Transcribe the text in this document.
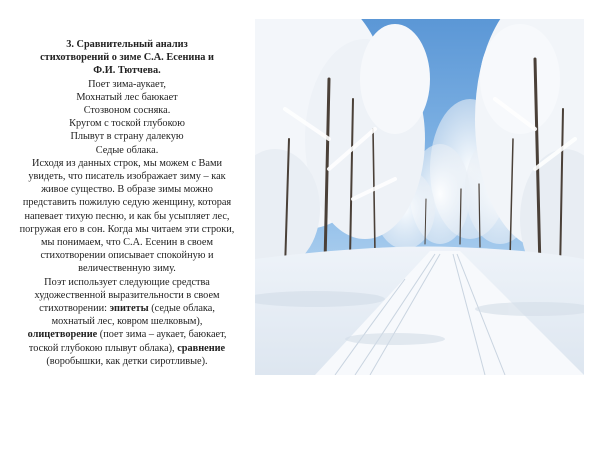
3. Сравнительный анализ
стихотворений о зиме С.А. Есенина и
Ф.И. Тютчева.

Поет зима-аукает,
Мохнатый лес баюкает
Стозвоном сосняка.
Кругом с тоской глубокою
Плывут в страну далекую
Седые облака.

Исходя из данных строк, мы можем с Вами увидеть, что писатель изображает зиму – как живое существо. В образе зимы можно представить пожилую седую женщину, которая напевает тихую песню, и как бы усыпляет лес, погружая его в сон. Когда мы читаем эти строки, мы понимаем, что С.А. Есенин в своем стихотворении описывает спокойную и величественную зиму.

Поэт использует следующие средства художественной выразительности в своем стихотворении: эпитеты (седые облака, мохнатый лес, ковром шелковым), олицетворение (поет зима – аукает, баюкает, тоской глубокою плывут облака), сравнение (воробышки, как детки сиротливые).
